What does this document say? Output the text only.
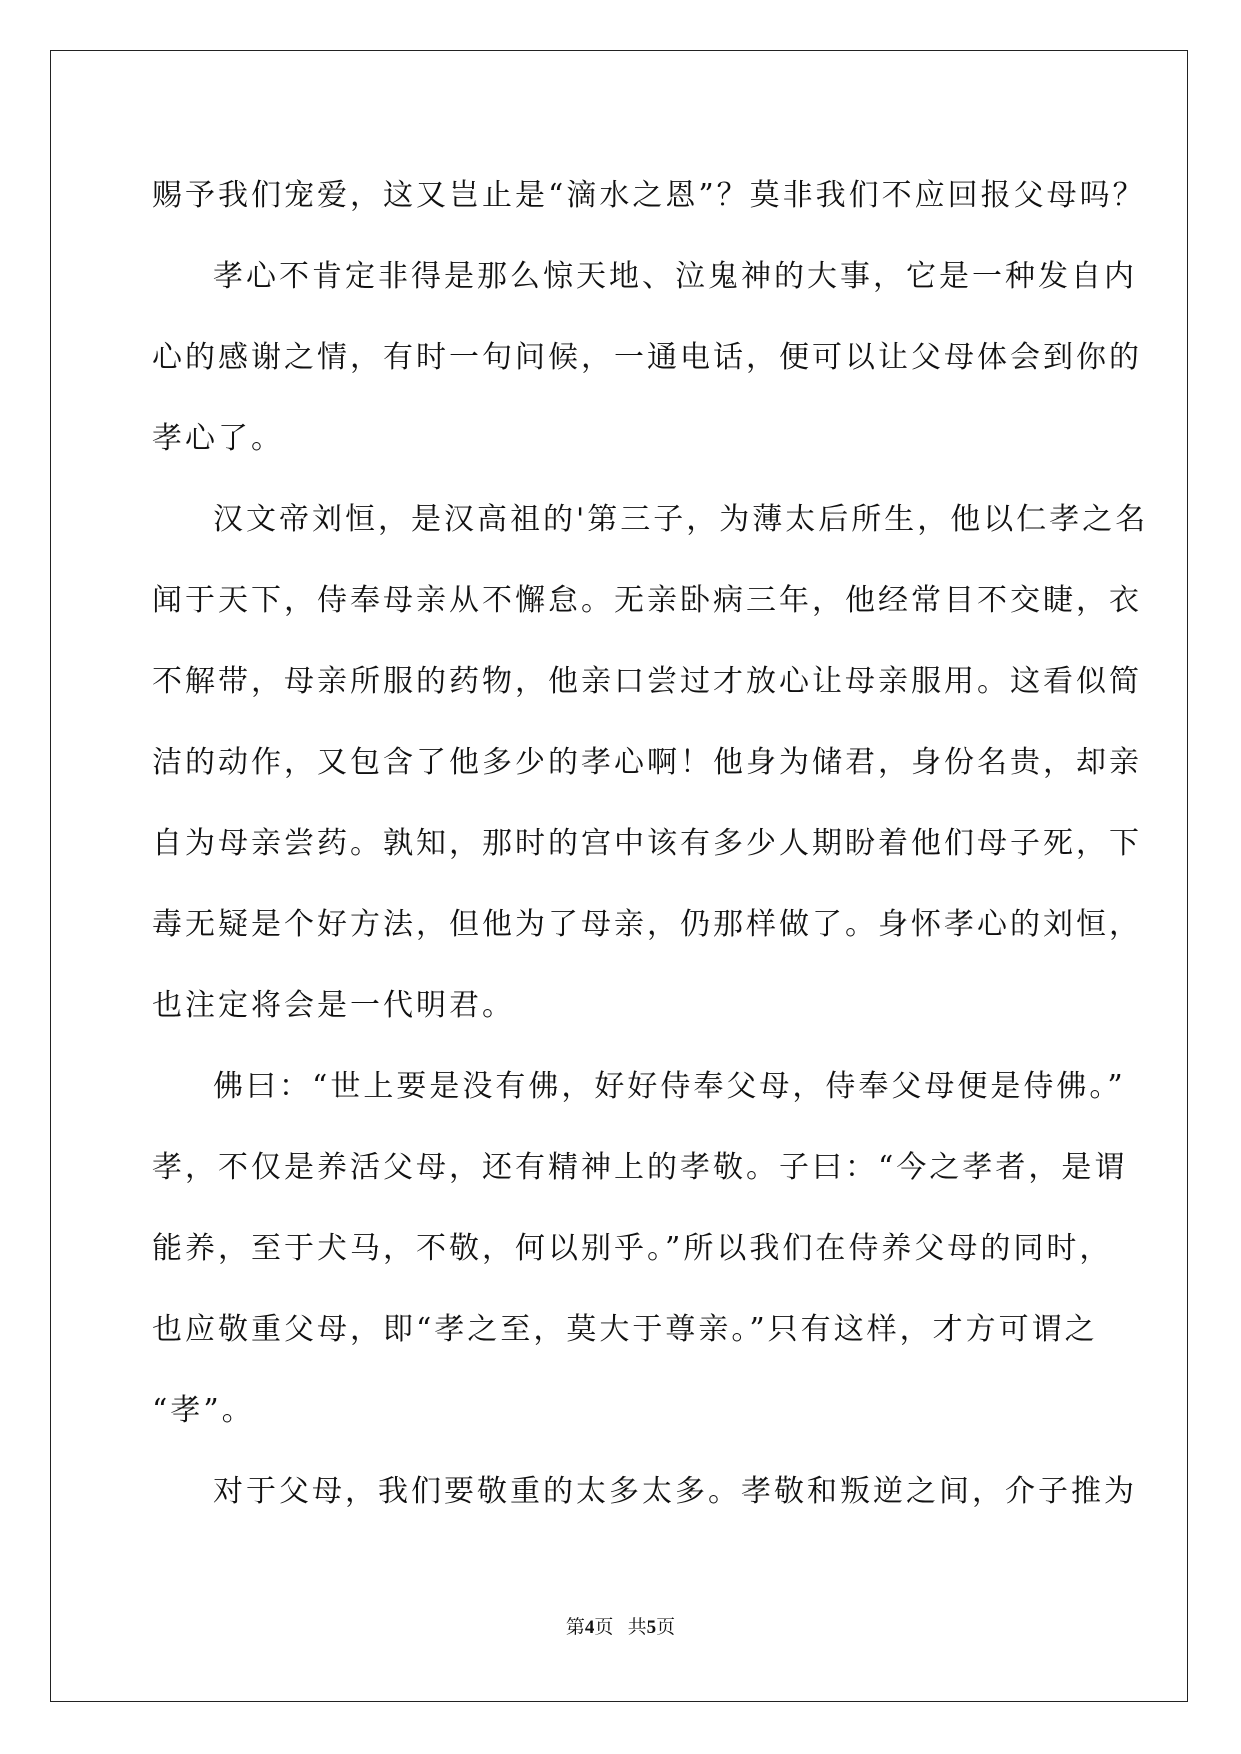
赐予我们宠爱，这又岂止是“滴水之恩”？莫非我们不应回报父母吗？
孝心不肯定非得是那么惊天地、泣鬼神的大事，它是一种发自内
心的感谢之情，有时一句问候，一通电话，便可以让父母体会到你的
孝心了。
汉文帝刘恒，是汉高祖的'第三子，为薄太后所生，他以仁孝之名
闻于天下，侍奉母亲从不懈怠。无亲卧病三年，他经常目不交睫，衣
不解带，母亲所服的药物，他亲口尝过才放心让母亲服用。这看似简
洁的动作，又包含了他多少的孝心啊！他身为储君，身份名贵，却亲
自为母亲尝药。孰知，那时的宫中该有多少人期盼着他们母子死，下
毒无疑是个好方法，但他为了母亲，仍那样做了。身怀孝心的刘恒，
也注定将会是一代明君。
佛曰：“世上要是没有佛，好好侍奉父母，侍奉父母便是侍佛。”
孝，不仅是养活父母，还有精神上的孝敬。子曰：“今之孝者，是谓
能养，至于犬马，不敬，何以别乎。”所以我们在侍养父母的同时，
也应敬重父母，即“孝之至，莫大于尊亲。”只有这样，才方可谓之
“孝”。
对于父母，我们要敬重的太多太多。孝敬和叛逆之间，介子推为
第4页   共5页
